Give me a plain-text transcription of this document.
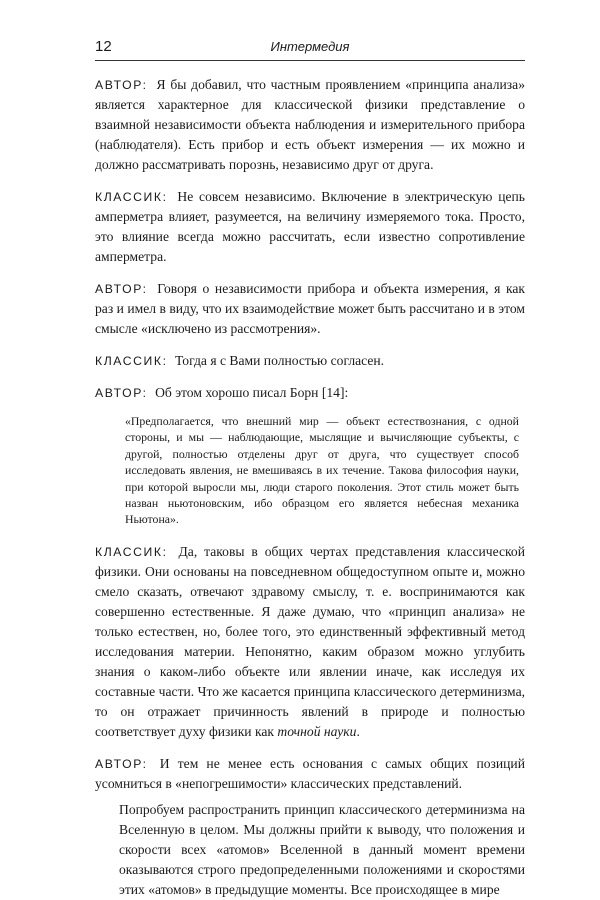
12	Интермедия

АВТОР: Я бы добавил, что частным проявлением «принципа анализа» является характерное для классической физики представление о взаимной независимости объекта наблюдения и измерительного прибора (наблюдателя). Есть прибор и есть объект измерения — их можно и должно рассматривать порознь, независимо друг от друга.

КЛАССИК: Не совсем независимо. Включение в электрическую цепь амперметра влияет, разумеется, на величину измеряемого тока. Просто, это влияние всегда можно рассчитать, если известно сопротивление амперметра.

АВТОР: Говоря о независимости прибора и объекта измерения, я как раз и имел в виду, что их взаимодействие может быть рассчитано и в этом смысле «исключено из рассмотрения».

КЛАССИК: Тогда я с Вами полностью согласен.

АВТОР: Об этом хорошо писал Борн [14]:

«Предполагается, что внешний мир — объект естествознания, с одной стороны, и мы — наблюдающие, мыслящие и вычисляющие субъекты, с другой, полностью отделены друг от друга, что существует способ исследовать явления, не вмешиваясь в их течение. Такова философия науки, при которой выросли мы, люди старого поколения. Этот стиль может быть назван ньютоновским, ибо образцом его является небесная механика Ньютона».

КЛАССИК: Да, таковы в общих чертах представления классической физики. Они основаны на повседневном общедоступном опыте и, можно смело сказать, отвечают здравому смыслу, т. е. воспринимаются как совершенно естественные. Я даже думаю, что «принцип анализа» не только естествен, но, более того, это единственный эффективный метод исследования материи. Непонятно, каким образом можно углубить знания о каком-либо объекте или явлении иначе, как исследуя их составные части. Что же касается принципа классического детерминизма, то он отражает причинность явлений в природе и полностью соответствует духу физики как точной науки.

АВТОР: И тем не менее есть основания с самых общих позиций усомниться в «непогрешимости» классических представлений.

Попробуем распространить принцип классического детерминизма на Вселенную в целом. Мы должны прийти к выводу, что положения и скорости всех «атомов» Вселенной в данный момент времени оказываются строго предопределенными положениями и скоростями этих «атомов» в предыдущие моменты. Все происходящее в мире
